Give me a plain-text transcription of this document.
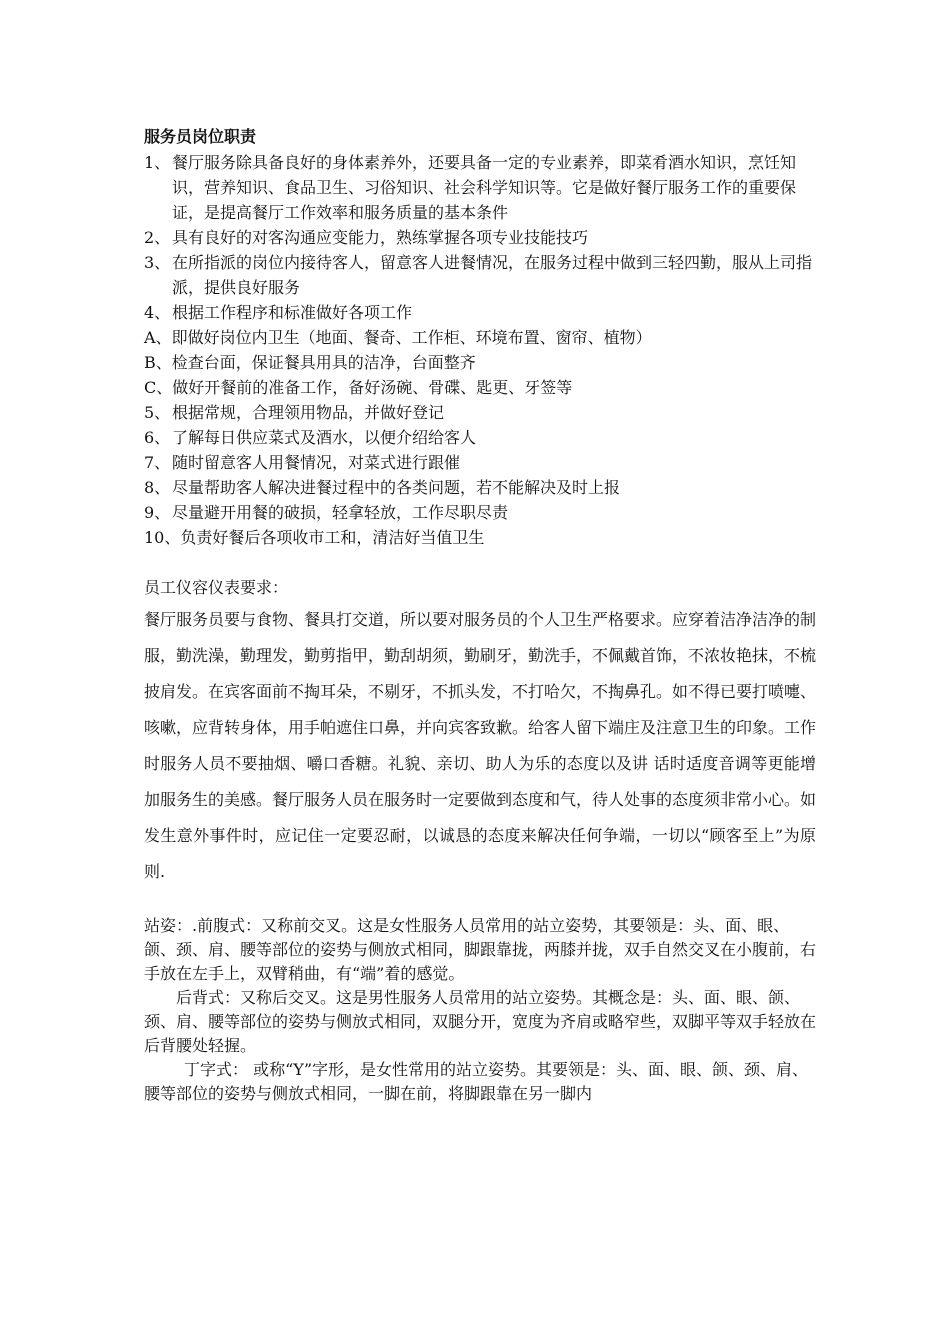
服务员岗位职责

1、 餐厅服务除具备良好的身体素养外，还要具备一定的专业素养，即菜肴酒水知识，烹饪知识，营养知识、食品卫生、习俗知识、社会科学知识等。它是做好餐厅服务工作的重要保证，是提高餐厅工作效率和服务质量的基本条件
2、 具有良好的对客沟通应变能力，熟练掌握各项专业技能技巧
3、 在所指派的岗位内接待客人，留意客人进餐情况，在服务过程中做到三轻四勤，服从上司指派，提供良好服务
4、 根据工作程序和标准做好各项工作
A、 即做好岗位内卫生（地面、餐奇、工作柜、环境布置、窗帘、植物）
B、 检查台面，保证餐具用具的洁净，台面整齐
C、 做好开餐前的准备工作，备好汤碗、骨碟、匙更、牙签等
5、 根据常规，合理领用物品，并做好登记
6、 了解每日供应菜式及酒水，以便介绍给客人
7、 随时留意客人用餐情况，对菜式进行跟催
8、 尽量帮助客人解决进餐过程中的各类问题，若不能解决及时上报
9、 尽量避开用餐的破损，轻拿轻放，工作尽职尽责
10、 负责好餐后各项收市工和，清洁好当值卫生

员工仪容仪表要求：

餐厅服务员要与食物、餐具打交道，所以要对服务员的个人卫生严格要求。应穿着洁净洁净的制服，勤洗澡，勤理发，勤剪指甲，勤刮胡须，勤刷牙，勤洗手，不佩戴首饰，不浓妆艳抹，不梳披肩发。在宾客面前不掏耳朵，不剔牙，不抓头发，不打哈欠，不掏鼻孔。如不得已要打喷嚏、咳嗽，应背转身体，用手帕遮住口鼻，并向宾客致歉。给客人留下端庄及注意卫生的印象。工作时服务人员不要抽烟、嚼口香糖。礼貌、亲切、助人为乐的态度以及讲 话时适度音调等更能增加服务生的美感。餐厅服务人员在服务时一定要做到态度和气，待人处事的态度须非常小心。如发生意外事件时，应记住一定要忍耐，以诚恳的态度来解决任何争端，一切以“顾客至上”为原则.

站姿：.前腹式：又称前交叉。这是女性服务人员常用的站立姿势，其要领是：头、面、眼、颌、颈、肩、腰等部位的姿势与侧放式相同，脚跟靠拢，两膝并拢，双手自然交叉在小腹前，右手放在左手上，双臂稍曲，有“端”着的感觉。

后背式：又称后交叉。这是男性服务人员常用的站立姿势。其概念是：头、面、眼、颌、颈、肩、腰等部位的姿势与侧放式相同，双腿分开，宽度为齐肩或略窄些，双脚平等双手轻放在后背腰处轻握。

丁字式： 或称“Y”字形，是女性常用的站立姿势。其要领是：头、面、眼、颌、颈、肩、腰等部位的姿势与侧放式相同，一脚在前，将脚跟靠在另一脚内
